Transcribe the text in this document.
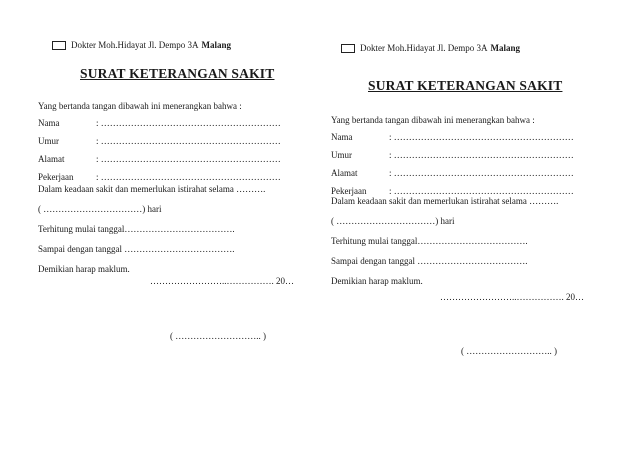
Dokter Moh.Hidayat Jl. Dempo 3A Malang
SURAT KETERANGAN SAKIT
Yang bertanda tangan dibawah ini menerangkan bahwa :
Nama	: ……………………………………………………
Umur	: ……………………………………………………
Alamat	: ……………………………………………………
Pekerjaan	: ……………………………………………………
Dalam keadaan sakit dan memerlukan istirahat selama ……….
( ……………………………) hari
Terhitung mulai tanggal……………………………….
Sampai dengan tanggal ……………………………….
Demikian harap maklum.
……………………..……………. 20…
( ……………………….. )
Dokter Moh.Hidayat Jl. Dempo 3A Malang
SURAT KETERANGAN SAKIT
Yang bertanda tangan dibawah ini menerangkan bahwa :
Nama	: ……………………………………………………
Umur	: ……………………………………………………
Alamat	: ……………………………………………………
Pekerjaan	: ……………………………………………………
Dalam keadaan sakit dan memerlukan istirahat selama ……….
( ……………………………) hari
Terhitung mulai tanggal……………………………….
Sampai dengan tanggal ……………………………….
Demikian harap maklum.
……………………..……………. 20…
( ……………………….. )
